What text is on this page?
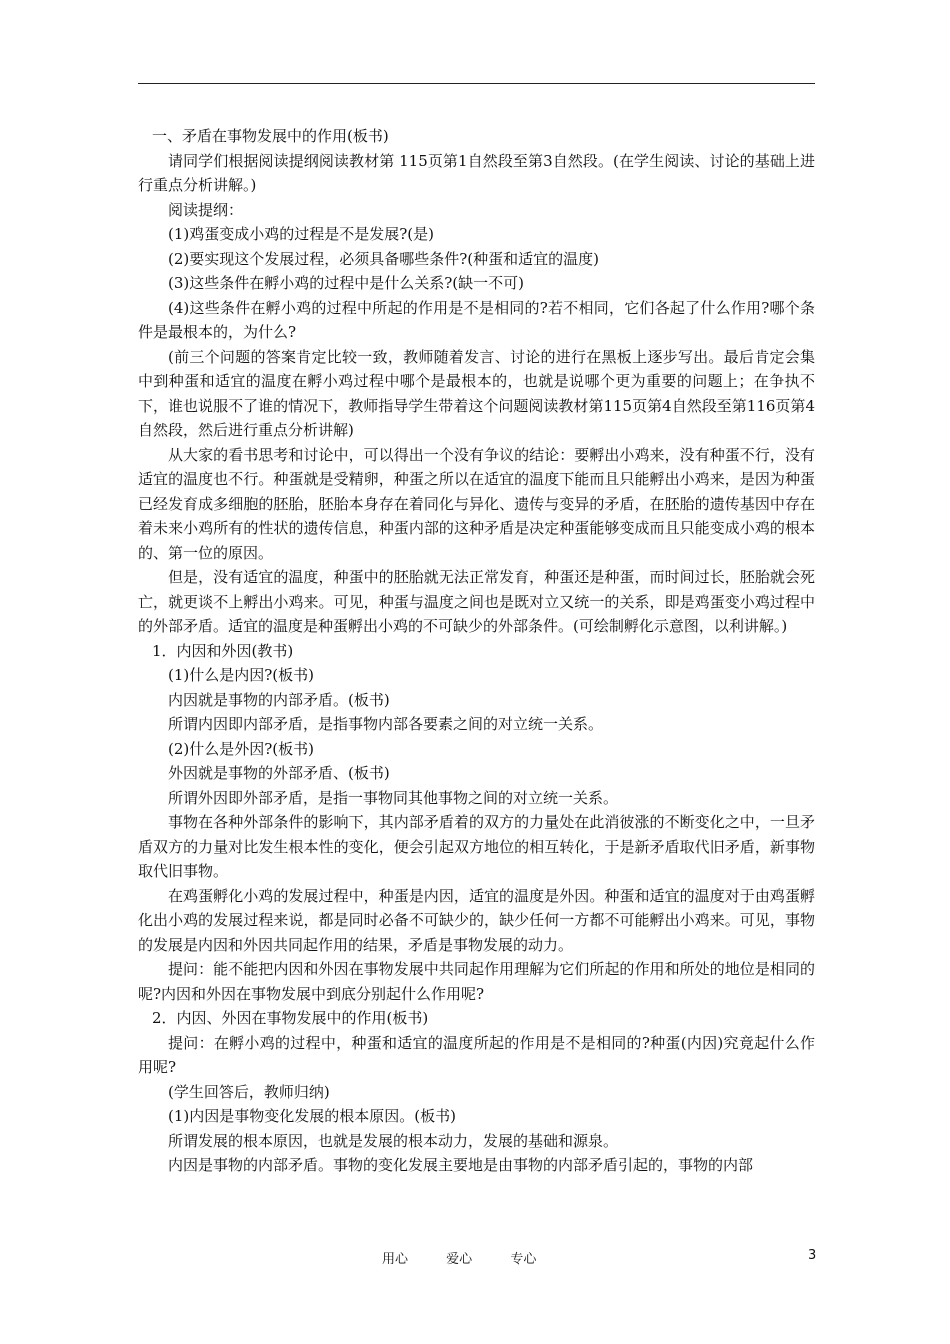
一、矛盾在事物发展中的作用(板书)

请同学们根据阅读提纲阅读教材第 115页第1自然段至第3自然段。(在学生阅读、讨论的基础上进行重点分析讲解。)

阅读提纲：

(1)鸡蛋变成小鸡的过程是不是发展?(是)

(2)要实现这个发展过程，必须具备哪些条件?(种蛋和适宜的温度)

(3)这些条件在孵小鸡的过程中是什么关系?(缺一不可)

(4)这些条件在孵小鸡的过程中所起的作用是不是相同的?若不相同，它们各起了什么作用?哪个条件是最根本的，为什么?

(前三个问题的答案肯定比较一致，教师随着发言、讨论的进行在黑板上逐步写出。最后肯定会集中到种蛋和适宜的温度在孵小鸡过程中哪个是最根本的，也就是说哪个更为重要的问题上；在争执不下，谁也说服不了谁的情况下，教师指导学生带着这个问题阅读教材第115页第4自然段至第116页第4自然段，然后进行重点分析讲解)

从大家的看书思考和讨论中，可以得出一个没有争议的结论：要孵出小鸡来，没有种蛋不行，没有适宜的温度也不行。种蛋就是受精卵，种蛋之所以在适宜的温度下能而且只能孵出小鸡来，是因为种蛋已经发育成多细胞的胚胎，胚胎本身存在着同化与异化、遗传与变异的矛盾，在胚胎的遗传基因中存在着未来小鸡所有的性状的遗传信息，种蛋内部的这种矛盾是决定种蛋能够变成而且只能变成小鸡的根本的、第一位的原因。

但是，没有适宜的温度，种蛋中的胚胎就无法正常发育，种蛋还是种蛋，而时间过长，胚胎就会死亡，就更谈不上孵出小鸡来。可见，种蛋与温度之间也是既对立又统一的关系，即是鸡蛋变小鸡过程中的外部矛盾。适宜的温度是种蛋孵出小鸡的不可缺少的外部条件。(可绘制孵化示意图，以利讲解。)

1．内因和外因(教书)

(1)什么是内因?(板书)

内因就是事物的内部矛盾。(板书)

所谓内因即内部矛盾，是指事物内部各要素之间的对立统一关系。

(2)什么是外因?(板书)

外因就是事物的外部矛盾、(板书)

所谓外因即外部矛盾，是指一事物同其他事物之间的对立统一关系。

事物在各种外部条件的影响下，其内部矛盾着的双方的力量处在此消彼涨的不断变化之中，一旦矛盾双方的力量对比发生根本性的变化，便会引起双方地位的相互转化，于是新矛盾取代旧矛盾，新事物取代旧事物。

在鸡蛋孵化小鸡的发展过程中，种蛋是内因，适宜的温度是外因。种蛋和适宜的温度对于由鸡蛋孵化出小鸡的发展过程来说，都是同时必备不可缺少的，缺少任何一方都不可能孵出小鸡来。可见，事物的发展是内因和外因共同起作用的结果，矛盾是事物发展的动力。

提问：能不能把内因和外因在事物发展中共同起作用理解为它们所起的作用和所处的地位是相同的呢?内因和外因在事物发展中到底分别起什么作用呢?

2．内因、外因在事物发展中的作用(板书)

提问：在孵小鸡的过程中，种蛋和适宜的温度所起的作用是不是相同的?种蛋(内因)究竟起什么作用呢?

(学生回答后，教师归纳)

(1)内因是事物变化发展的根本原因。(板书)

所谓发展的根本原因，也就是发展的根本动力，发展的基础和源泉。

内因是事物的内部矛盾。事物的变化发展主要地是由事物的内部矛盾引起的，事物的内部

用心	爱心	专心	3
